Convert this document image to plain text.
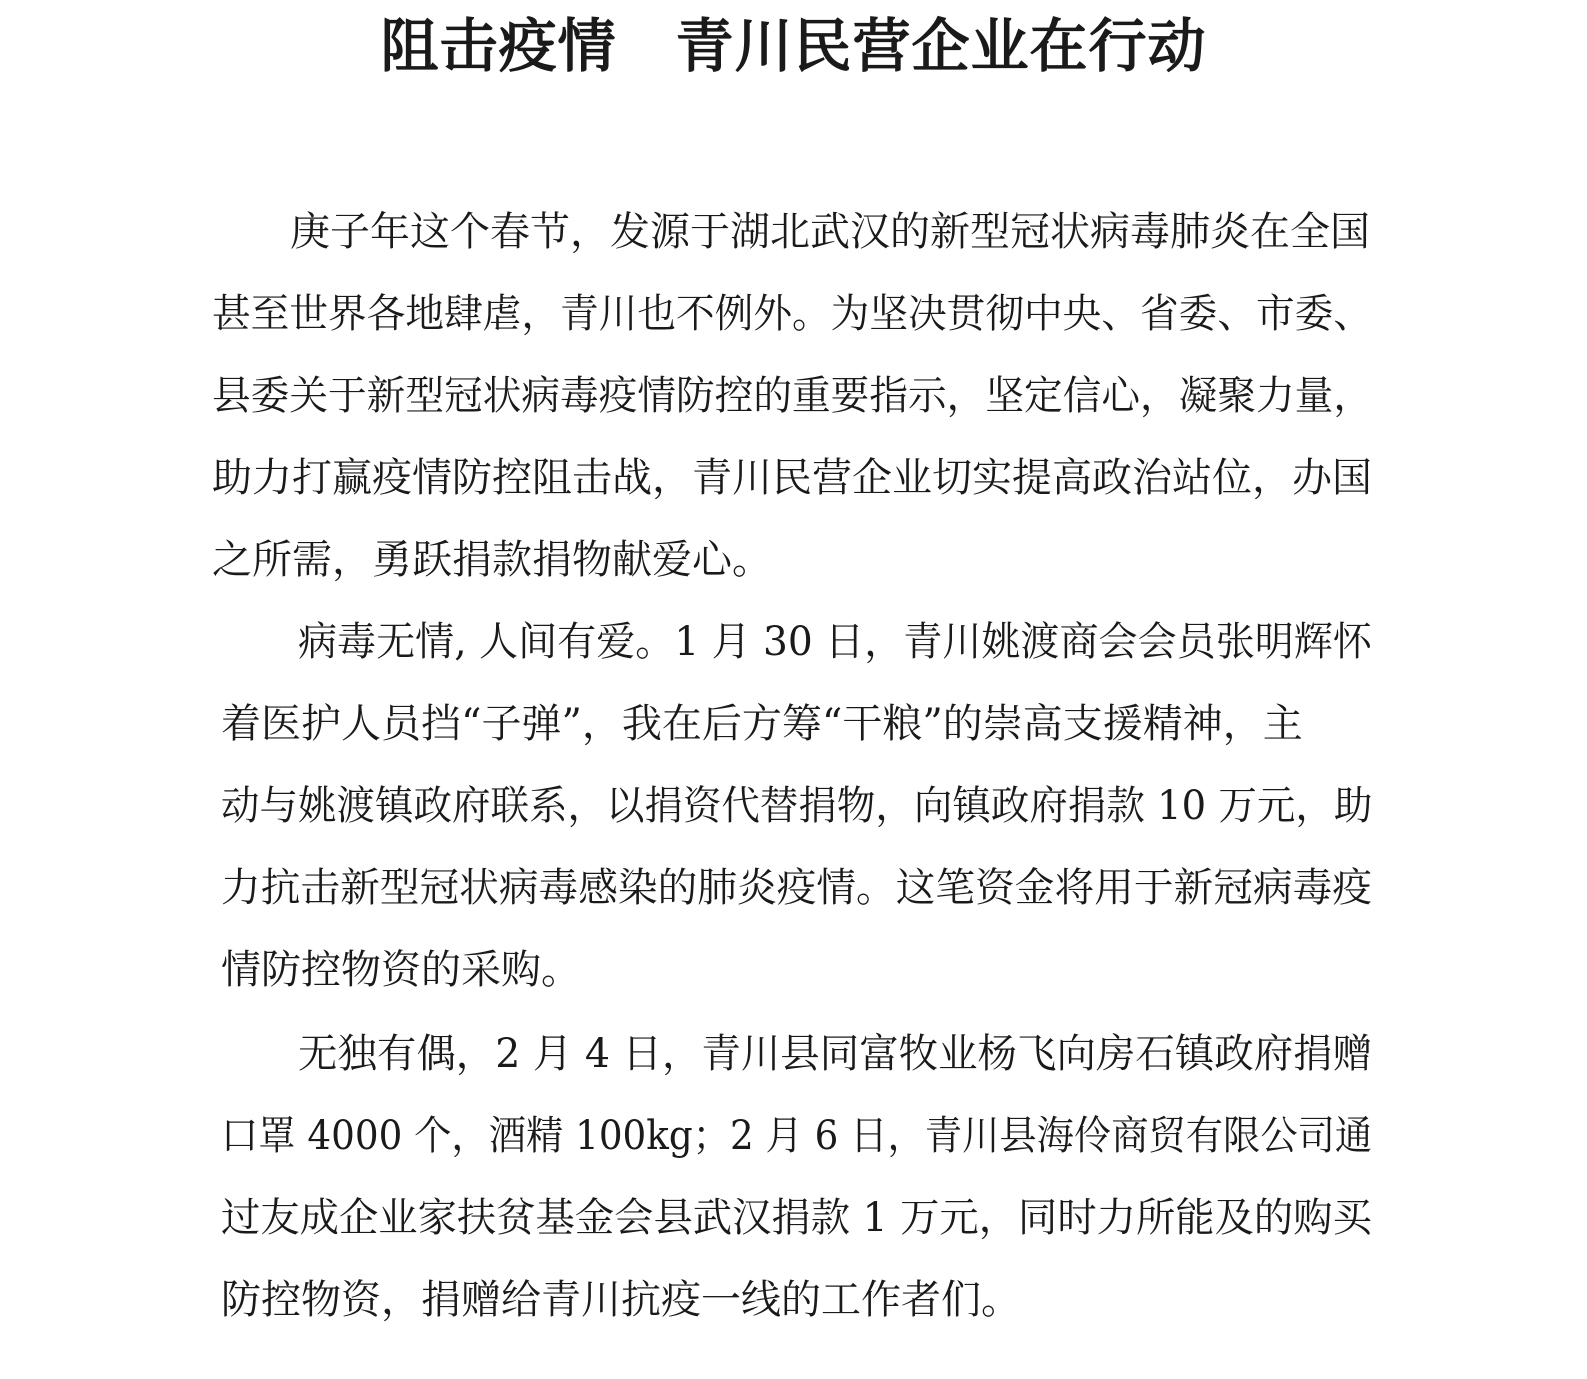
阻击疫情　青川民营企业在行动

庚子年这个春节，发源于湖北武汉的新型冠状病毒肺炎在全国

甚至世界各地肆虐，青川也不例外。为坚决贯彻中央、省委、市委、

县委关于新型冠状病毒疫情防控的重要指示，坚定信心，凝聚力量，

助力打赢疫情防控阻击战，青川民营企业切实提高政治站位，办国

之所需，勇跃捐款捐物献爱心。

病毒无情, 人间有爱。1 月 30 日，青川姚渡商会会员张明辉怀

着医护人员挡“子弹”，我在后方筹“干粮”的崇高支援精神，主

动与姚渡镇政府联系，以捐资代替捐物，向镇政府捐款 10 万元，助

力抗击新型冠状病毒感染的肺炎疫情。这笔资金将用于新冠病毒疫

情防控物资的采购。

无独有偶，2 月 4 日，青川县同富牧业杨飞向房石镇政府捐赠

口罩 4000 个，酒精 100kg；2 月 6 日，青川县海伶商贸有限公司通

过友成企业家扶贫基金会县武汉捐款 1 万元，同时力所能及的购买

防控物资，捐赠给青川抗疫一线的工作者们。
